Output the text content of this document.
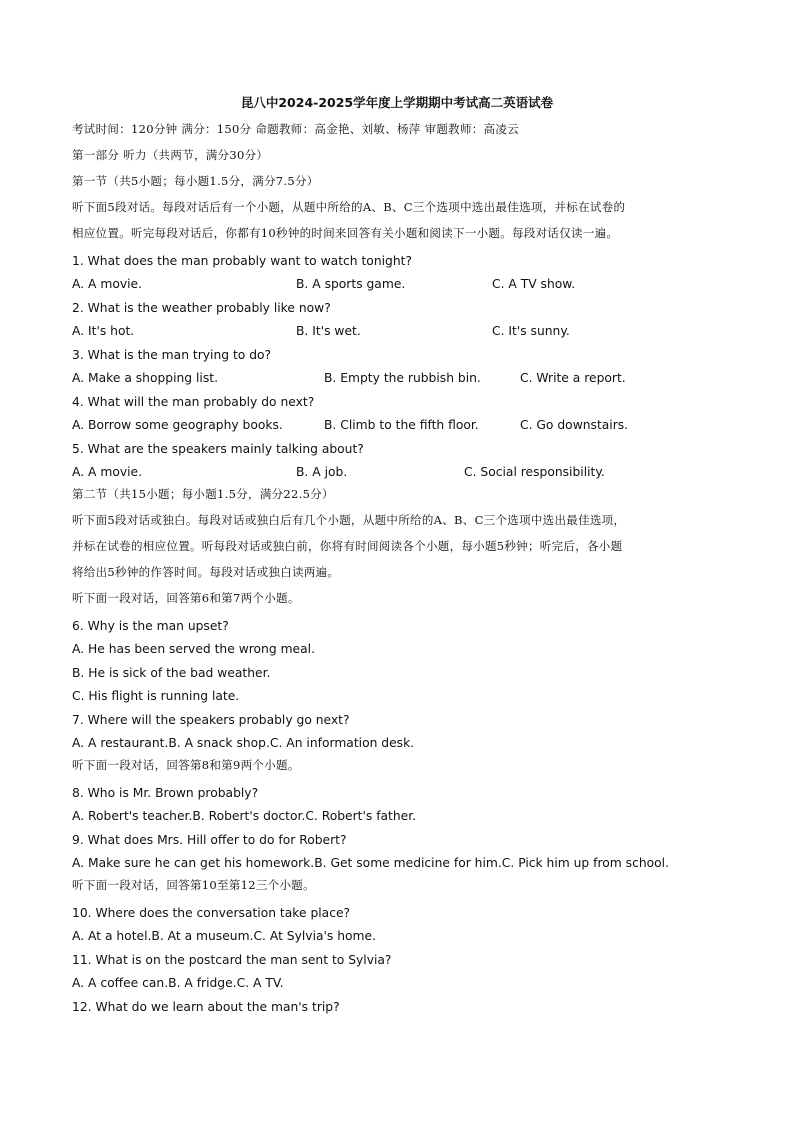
昆八中2024-2025学年度上学期期中考试高二英语试卷
考试时间：120分钟 满分：150分 命题教师：高金艳、刘敏、杨萍 审题教师：高凌云
第一部分 听力（共两节，满分30分）
第一节（共5小题；每小题1.5分，满分7.5分）
听下面5段对话。每段对话后有一个小题，从题中所给的A、B、C三个选项中选出最佳选项，并标在试卷的
相应位置。听完每段对话后，你都有10秒钟的时间来回答有关小题和阅读下一小题。每段对话仅读一遍。
1. What does the man probably want to watch tonight?
A. A movie.	B. A sports game.	C. A TV show.
2. What is the weather probably like now?
A. It's hot.	B. It's wet.	C. It's sunny.
3. What is the man trying to do?
A. Make a shopping list.	B. Empty the rubbish bin.	C. Write a report.
4. What will the man probably do next?
A. Borrow some geography books.	B. Climb to the fifth floor.	C. Go downstairs.
5. What are the speakers mainly talking about?
A. A movie.	B. A job.	C. Social responsibility.
第二节（共15小题；每小题1.5分，满分22.5分）
听下面5段对话或独白。每段对话或独白后有几个小题，从题中所给的A、B、C三个选项中选出最佳选项，
并标在试卷的相应位置。听每段对话或独白前，你将有时间阅读各个小题，每小题5秒钟；听完后，各小题
将给出5秒钟的作答时间。每段对话或独白读两遍。
听下面一段对话，回答第6和第7两个小题。
6. Why is the man upset?
A. He has been served the wrong meal.
B. He is sick of the bad weather.
C. His flight is running late.
7. Where will the speakers probably go next?
A. A restaurant.B. A snack shop.C. An information desk.
听下面一段对话，回答第8和第9两个小题。
8. Who is Mr. Brown probably?
A. Robert's teacher.B. Robert's doctor.C. Robert's father.
9. What does Mrs. Hill offer to do for Robert?
A. Make sure he can get his homework.B. Get some medicine for him.C. Pick him up from school.
听下面一段对话，回答第10至第12三个小题。
10. Where does the conversation take place?
A. At a hotel.B. At a museum.C. At Sylvia's home.
11. What is on the postcard the man sent to Sylvia?
A. A coffee can.B. A fridge.C. A TV.
12. What do we learn about the man's trip?
